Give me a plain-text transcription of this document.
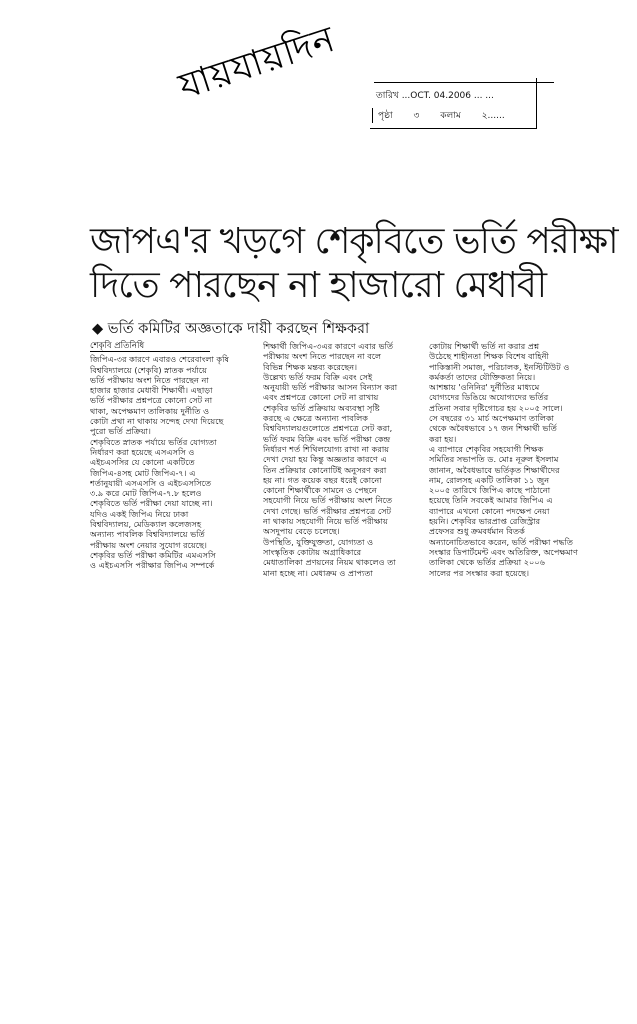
যায়যায়দিন	তারিখ ...OCT. 04.2006 ... ...
পৃষ্ঠা ৩ কলাম ২......
জাপএ'র খড়গে শেকৃবিতে ভর্তি পরীক্ষা
দিতে পারছেন না হাজারো মেধাবী
◆ ভর্তি কমিটির অজ্ঞতাকে দায়ী করছেন শিক্ষকরা
শেকৃবি প্রতিনিধি
জিপিএ-৩র কারণে এবারও শেরেবাংলা কৃষি
বিশ্ববিদ্যালয়ে (শেকৃবি) স্নাতক পর্যায়ে
ভর্তি পরীক্ষায় অংশ নিতে পারছেন না
হাজার হাজার মেধাবী শিক্ষার্থী। এছাড়া
ভর্তি পরীক্ষার প্রশ্নপত্রে কোনো সেট না
থাকা, অপেক্ষমাণ তালিকায় দুর্নীতি ও
কোটা প্রথা না থাকায় সন্দেহ দেখা দিয়েছে
পুরো ভর্তি প্রক্রিয়া।
শেকৃবিতে স্নাতক পর্যায়ে ভর্তির যোগ্যতা
নির্ধারণ করা হয়েছে এসএসসি ও
এইচএসসির যে কোনো একটিতে
জিপিএ-৪সহ মোট জিপিএ-৭। এ
শর্তানুযায়ী এসএসসি ও এইচএসসিতে
৩.৯ করে মোট জিপিএ-৭.৮ হলেও
শেকৃবিতে ভর্তি পরীক্ষা দেয়া যাচ্ছে না।
যদিও একই জিপিএ নিয়ে ঢাকা
বিশ্ববিদ্যালয়, মেডিক্যাল কলেজসহ
অন্যান্য পাবলিক বিশ্ববিদ্যালয়ে ভর্তি
পরীক্ষায় অংশ নেয়ার সুযোগ রয়েছে।
শেকৃবির ভর্তি পরীক্ষা কমিটির এমএসসি
ও এইচএসসি পরীক্ষার জিপিএ সম্পর্কে
শিক্ষার্থী জিপিএ-৩এর কারণে এবার ভর্তি
পরীক্ষায় অংশ নিতে পারছেন না বলে
বিভিন্ন শিক্ষক মন্তব্য করেছেন।
উল্লেখ্য ভর্তি ফরম বিক্রি এবং সেই
অনুযায়ী ভর্তি পরীক্ষার আসন বিন্যাস করা
এবং প্রশ্নপত্রে কোনো সেট না রাখায়
শেকৃবির ভর্তি প্রক্রিয়ায় অব্যবস্থা সৃষ্টি
করছে এ ক্ষেত্রে অন্যান্য পাবলিক
বিশ্ববিদ্যালয়গুলোতে প্রশ্নপত্রে সেট করা,
ভর্তি ফরম বিক্রি এবং ভর্তি পরীক্ষা কেন্দ্র
নির্ধারণ শর্ত শিথিলযোগ্য রাখা না করায়
দেখা দেয়া হয় কিন্তু অজ্ঞতার কারণে এ
তিন প্রক্রিয়ার কোনোটিই অনুসরণ করা
হয় না। গত কয়েক বছর ধরেই কোনো
কোনো শিক্ষার্থীকে সামনে ও পেছনে
সহযোগী নিয়ে ভর্তি পরীক্ষায় অংশ নিতে
দেখা গেছে। ভর্তি পরীক্ষার প্রশ্নপত্রে সেট
না থাকায় সহযোগী নিয়ে ভর্তি পরীক্ষায়
অসদুপায় বেড়ে চলেছে।
উপস্থিতি, যুক্তিযুক্ততা, যোগ্যতা ও
সাংস্কৃতিক কোটায় অগ্রাধিকারে
মেধাতালিকা প্রণয়নের নিয়ম থাকলেও তা
মানা হচ্ছে না। মেধাক্রম ও প্রাপ্যতা
কোটায় শিক্ষার্থী ভর্তি না করার প্রশ্ন
উঠেছে শাহীনতা শিক্ষক বিশেষ বাহিনী
পাকিস্তানী সমাজ, পরিচালক, ইনস্টিটিউট ও
কর্মকর্তা তাদের যৌক্তিকতা নিয়ে।
আশঙ্কায় 'ওনিনির' দুর্নীতির মাধ্যমে
যোগ্যদের ডিঙিয়ে অযোগ্যদের ভর্তির
প্রতিনা সবার দৃষ্টিগোচর হয় ২০০৫ সালে।
সে বছরের ৩১ মার্চ অপেক্ষমাণ তালিকা
থেকে অবৈধভাবে ১৭ জন শিক্ষার্থী ভর্তি
করা হয়।
এ ব্যাপারে শেকৃবির সহযোগী শিক্ষক
সমিতির সভাপতি ড. মোঃ নূরুল ইসলাম
জানান, অবৈধভাবে ভর্তিকৃত শিক্ষার্থীদের
নাম, রোলসহ একটি তালিকা ১১ জুন
২০০৫ তারিখে জিপিএ কাছে পাঠানো
হয়েছে তিনি সবকেই আমার জিপিএ এ
ব্যাপারে এখনো কোনো পদক্ষেপ নেয়া
হয়নি। শেকৃবির ভারপ্রাপ্ত রেজিস্ট্রার
প্রফেসর শুধু ক্রমবর্ধমান বিতর্ক
অন্যানোচিতভাবে করেন, ভর্তি পরীক্ষা পদ্ধতি
সংস্কার ডিপার্টমেন্ট এবং অতিরিক্ত, অপেক্ষমাণ
তালিকা থেকে ভর্তির প্রক্রিয়া ২০০৬
সালের পর সংস্কার করা হয়েছে।
